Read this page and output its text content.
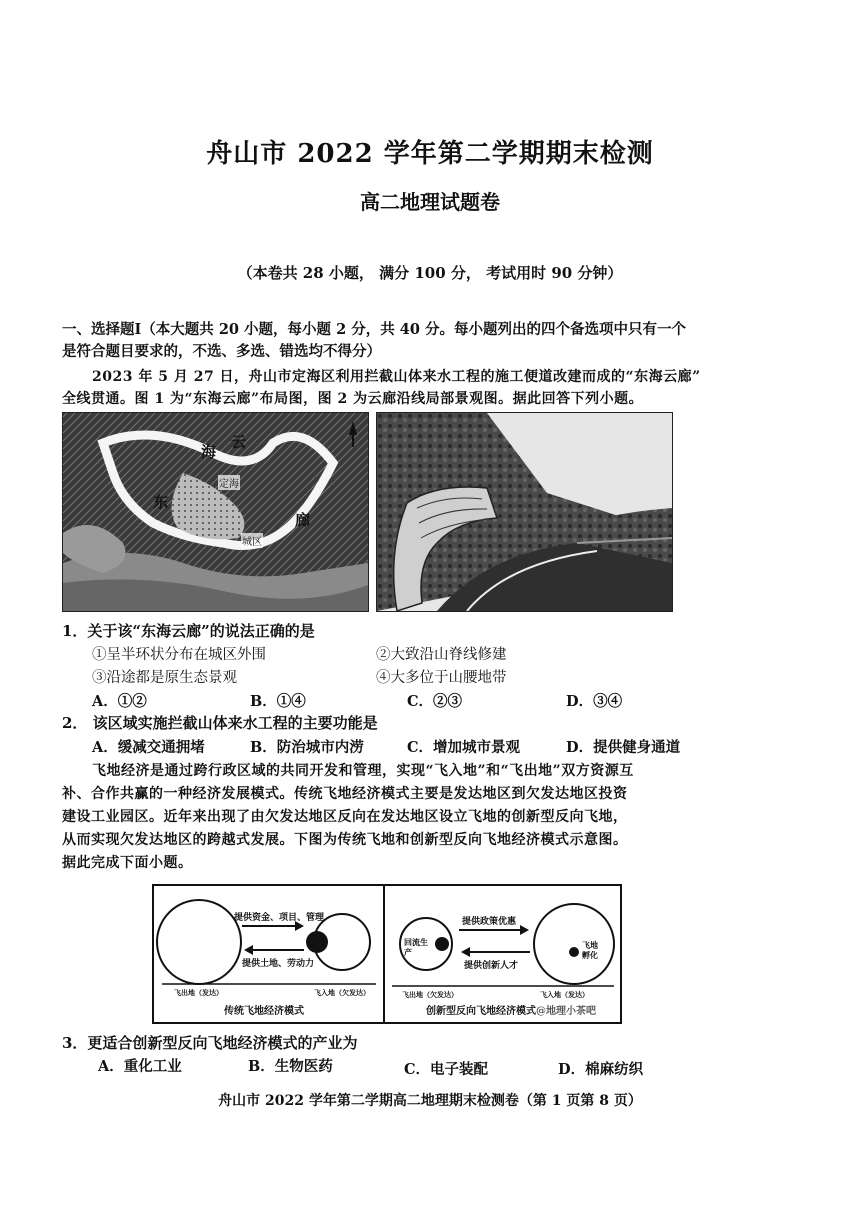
舟山市 2022 学年第二学期期末检测
高二地理试题卷
（本卷共 28 小题， 满分 100 分， 考试用时 90 分钟）
一、选择题Ⅰ（本大题共 20 小题，每小题 2 分，共 40 分。每小题列出的四个备选项中只有一个
是符合题目要求的，不选、多选、错选均不得分）
2023 年 5 月 27 日，舟山市定海区利用拦截山体来水工程的施工便道改建而成的“东海云廊”
全线贯通。图 1 为“东海云廊”布局图，图 2 为云廊沿线局部景观图。据此回答下列小题。
海
云
东
廊
定海
城区
1．关于该“东海云廊”的说法正确的是
①呈半环状分布在城区外围	②大致沿山脊线修建
③沿途都是原生态景观	④大多位于山腰地带
A．①②	B．①④	C．②③	D．③④
2． 该区域实施拦截山体来水工程的主要功能是
A．缓减交通拥堵	B．防治城市内涝	C．增加城市景观	D．提供健身通道
飞地经济是通过跨行政区域的共同开发和管理，实现“飞入地”和“飞出地”双方资源互
补、合作共赢的一种经济发展模式。传统飞地经济模式主要是发达地区到欠发达地区投资
建设工业园区。近年来出现了由欠发达地区反向在发达地区设立飞地的创新型反向飞地，
从而实现欠发达地区的跨越式发展。下图为传统飞地和创新型反向飞地经济模式示意图。
据此完成下面小题。
提供资金、项目、管理
提供土地、劳动力
飞出地（发达）	飞入地（欠发达）
传统飞地经济模式
提供政策优惠
提供创新人才
回流生产
飞地孵化
飞出地（欠发达）	飞入地（发达）
创新型反向飞地经济模式 @地理小茶吧
3．更适合创新型反向飞地经济模式的产业为
A．重化工业	B．生物医药	C．电子装配	D．棉麻纺织
舟山市 2022 学年第二学期高二地理期末检测卷（第 1 页第 8 页）
